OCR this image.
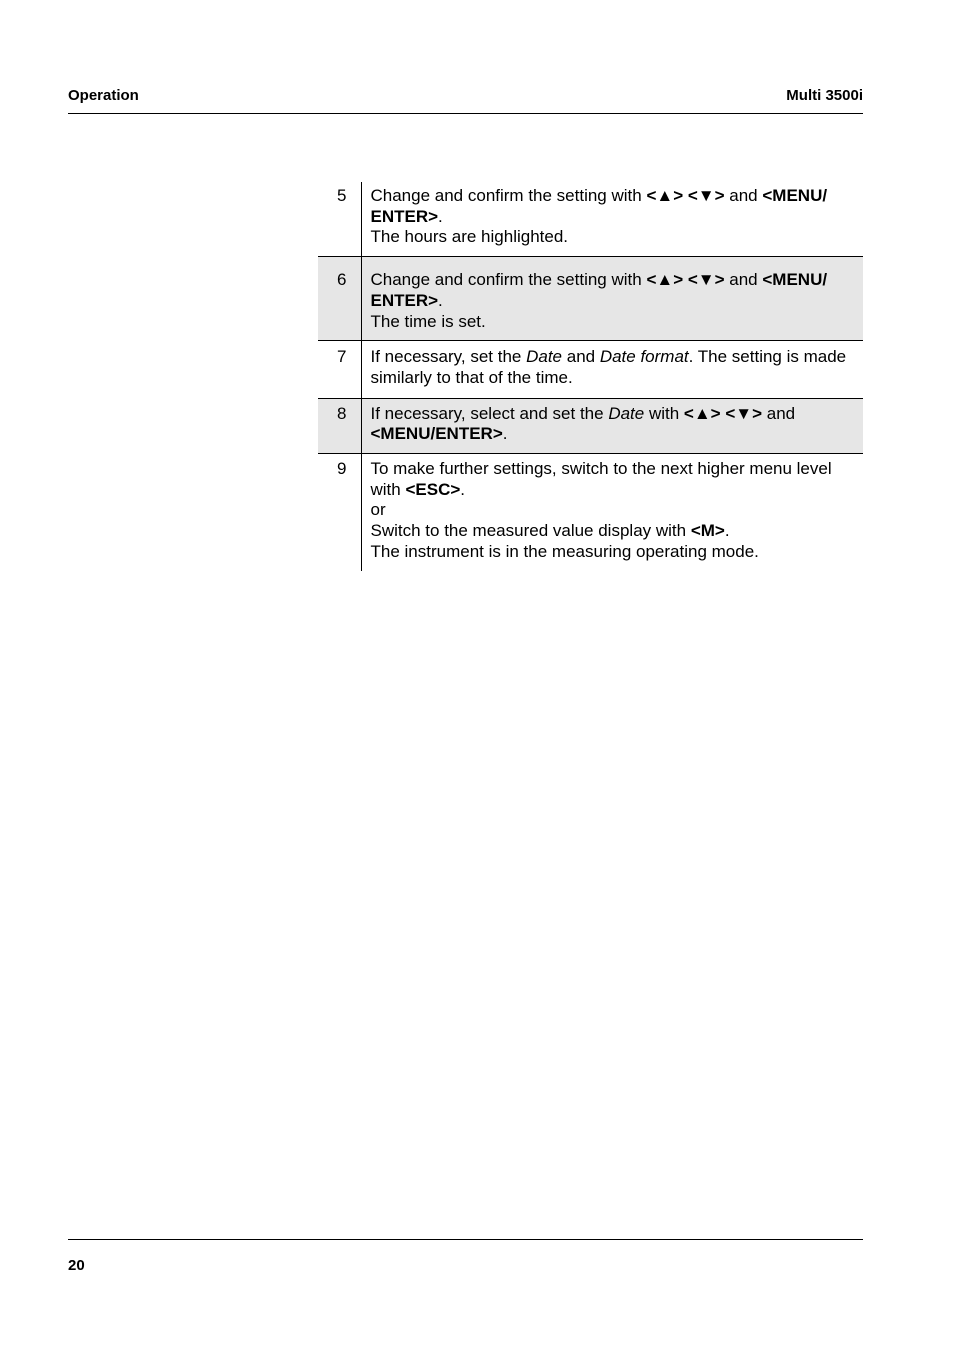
Operation	Multi 3500i
5	Change and confirm the setting with <▲> <▼> and <MENU/
ENTER>.
The hours are highlighted.
6	Change and confirm the setting with <▲> <▼> and <MENU/
ENTER>.
The time is set.
7	If necessary, set the Date and Date format. The setting is made similarly to that of the time.
8	If necessary, select and set the Date with <▲> <▼> and
<MENU/ENTER>.
9	To make further settings, switch to the next higher menu level with <ESC>.
or
Switch to the measured value display with <M>.
The instrument is in the measuring operating mode.
20
